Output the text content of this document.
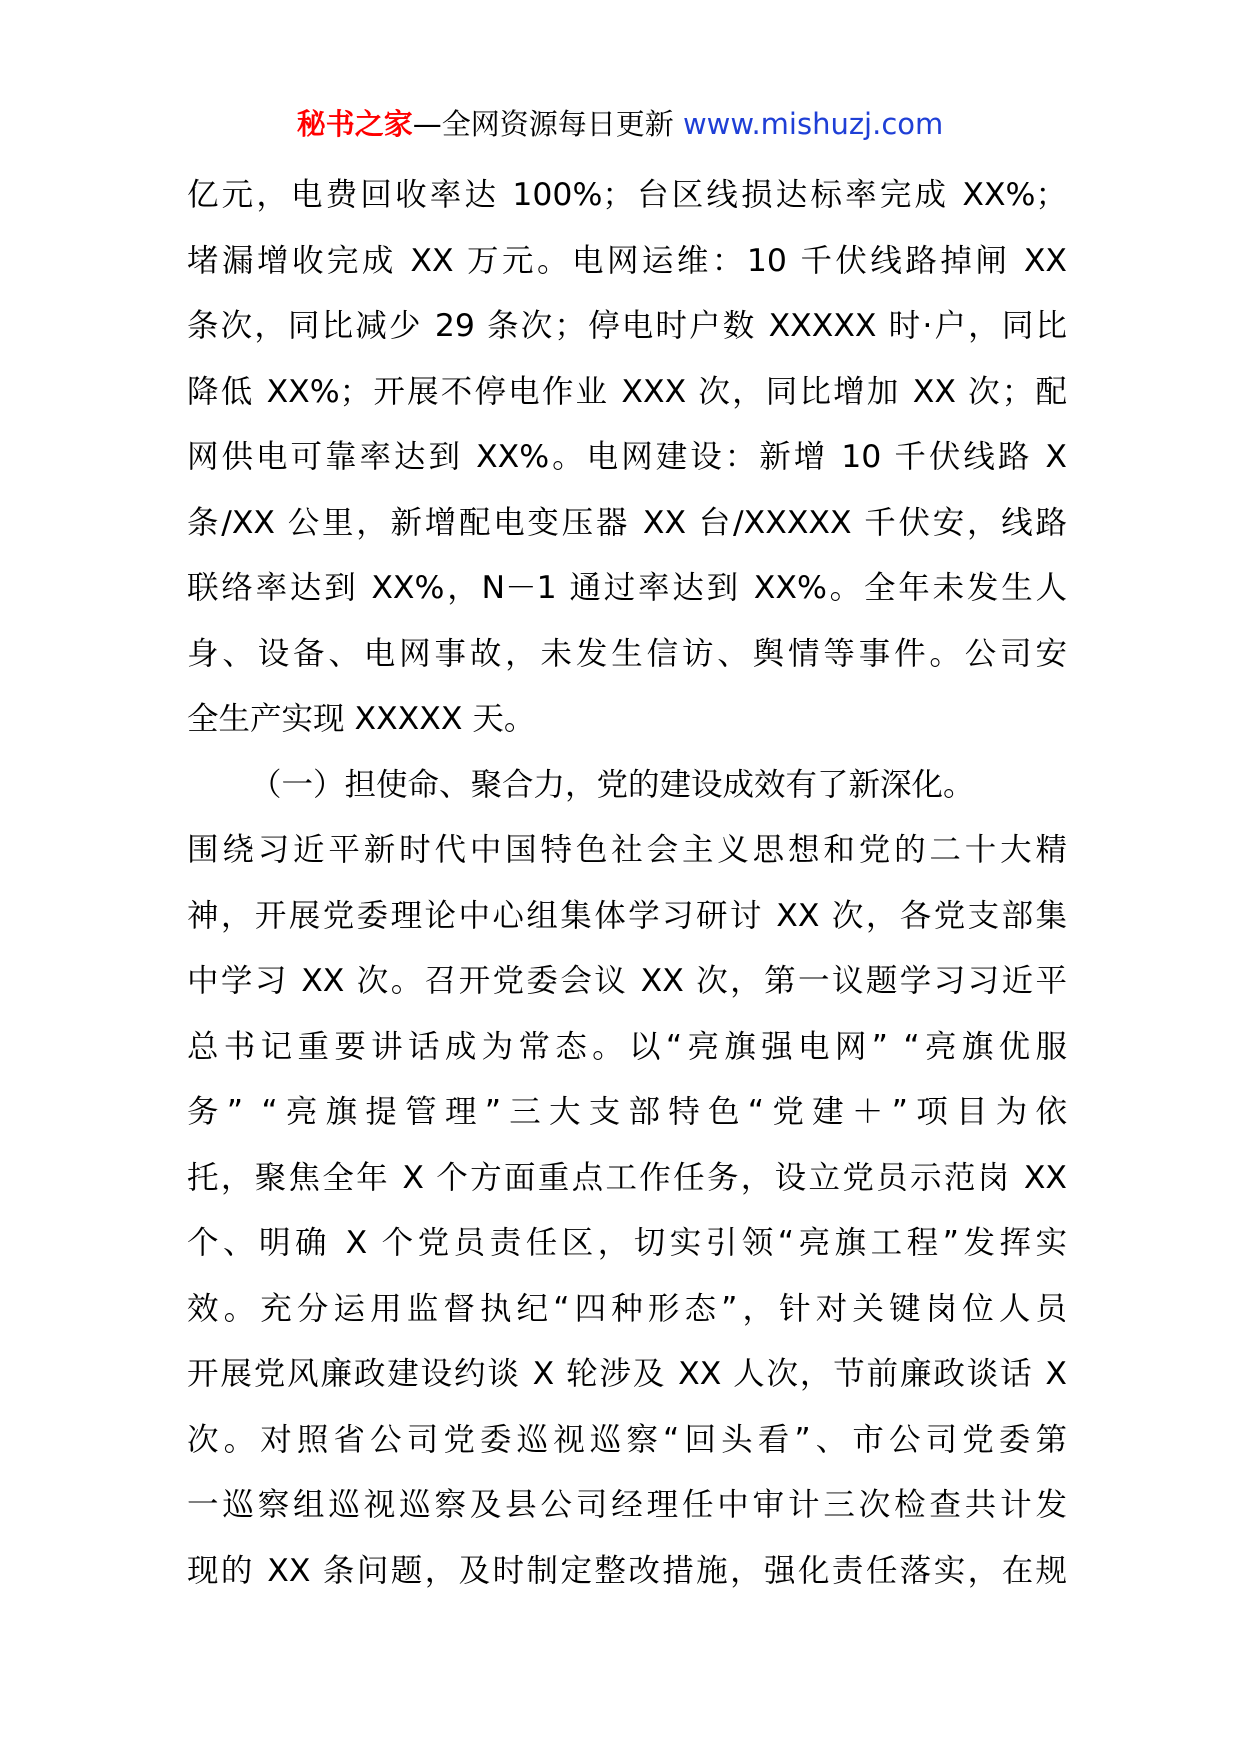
秘书之家—全网资源每日更新 www.mishuzj.com
亿元，电费回收率达 100%；台区线损达标率完成 XX%；
堵漏增收完成 XX 万元。电网运维：10 千伏线路掉闸 XX
条次，同比减少 29 条次；停电时户数 XXXXX 时·户，同比
降低 XX%；开展不停电作业 XXX 次，同比增加 XX 次；配
网供电可靠率达到 XX%。电网建设：新增 10 千伏线路 X
条/XX 公里，新增配电变压器 XX 台/XXXXX 千伏安，线路
联络率达到 XX%，N－1 通过率达到 XX%。全年未发生人
身、设备、电网事故，未发生信访、舆情等事件。公司安
全生产实现 XXXXX 天。
（一）担使命、聚合力，党的建设成效有了新深化。
围绕习近平新时代中国特色社会主义思想和党的二十大精
神，开展党委理论中心组集体学习研讨 XX 次，各党支部集
中学习 XX 次。召开党委会议 XX 次，第一议题学习习近平
总书记重要讲话成为常态。以“亮旗强电网” “亮旗优服
务” “亮旗提管理”三大支部特色“党建＋”项目为依
托，聚焦全年 X 个方面重点工作任务，设立党员示范岗 XX
个、明确 X 个党员责任区，切实引领“亮旗工程”发挥实
效。充分运用监督执纪“四种形态”，针对关键岗位人员
开展党风廉政建设约谈 X 轮涉及 XX 人次，节前廉政谈话 X
次。对照省公司党委巡视巡察“回头看”、市公司党委第
一巡察组巡视巡察及县公司经理任中审计三次检查共计发
现的 XX 条问题，及时制定整改措施，强化责任落实，在规
